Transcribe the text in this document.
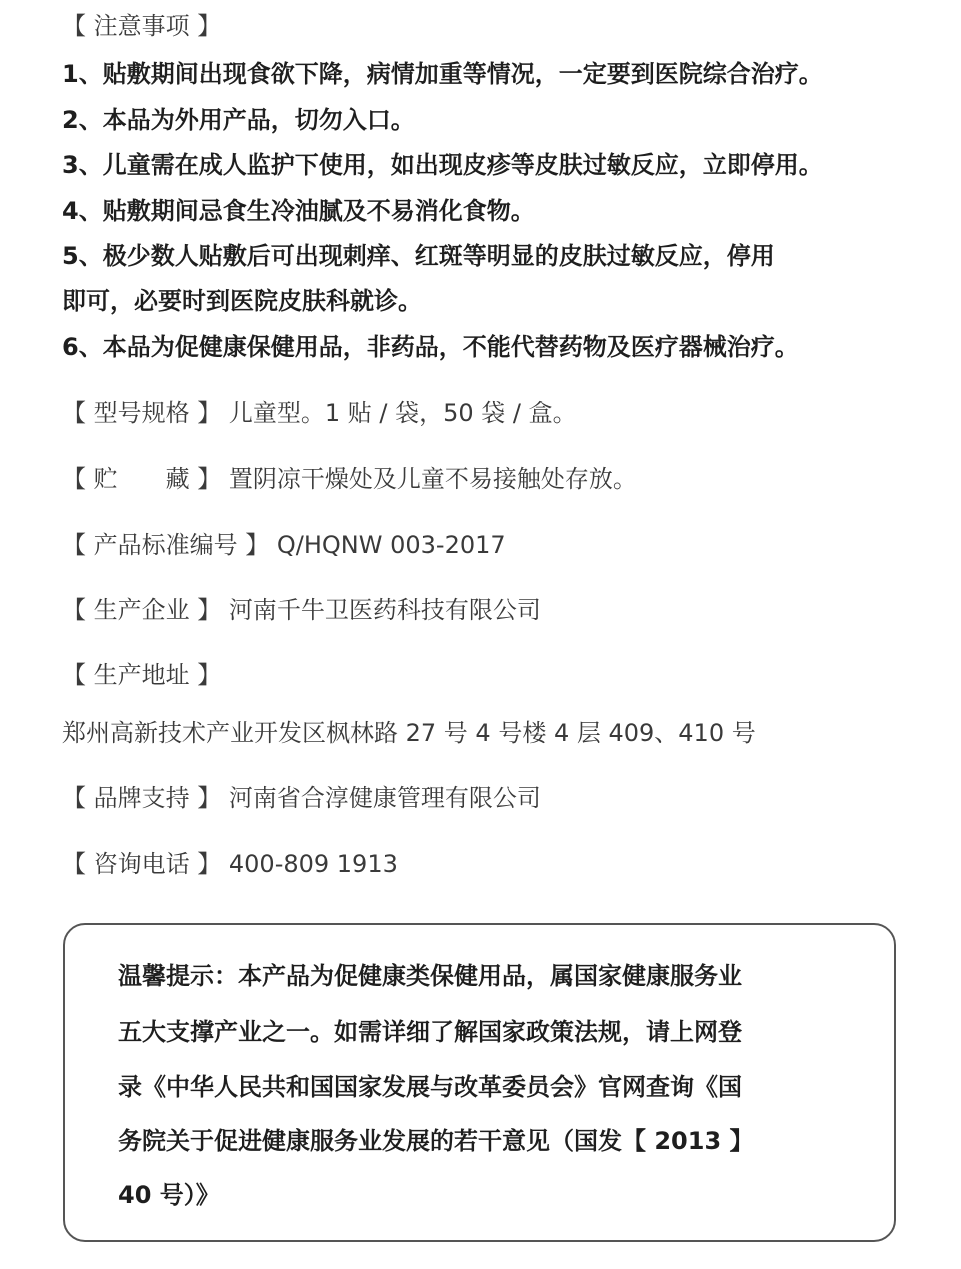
【 注意事项 】
1、贴敷期间出现食欲下降，病情加重等情况，一定要到医院综合治疗。
2、本品为外用产品，切勿入口。
3、儿童需在成人监护下使用，如出现皮疹等皮肤过敏反应，立即停用。
4、贴敷期间忌食生冷油腻及不易消化食物。
5、极少数人贴敷后可出现刺痒、红斑等明显的皮肤过敏反应，停用
即可，必要时到医院皮肤科就诊。
6、本品为促健康保健用品，非药品，不能代替药物及医疗器械治疗。
【 型号规格 】 儿童型。1 贴 / 袋，50 袋 / 盒。
【 贮　　藏 】 置阴凉干燥处及儿童不易接触处存放。
【 产品标准编号 】 Q/HQNW 003-2017
【 生产企业 】 河南千牛卫医药科技有限公司
【 生产地址 】
郑州高新技术产业开发区枫林路 27 号 4 号楼 4 层 409、410 号
【 品牌支持 】 河南省合淳健康管理有限公司
【 咨询电话 】 400-809 1913
温馨提示：本产品为促健康类保健用品，属国家健康服务业
五大支撑产业之一。如需详细了解国家政策法规，请上网登
录《中华人民共和国国家发展与改革委员会》官网查询《国
务院关于促进健康服务业发展的若干意见（国发【 2013 】
40 号）》
